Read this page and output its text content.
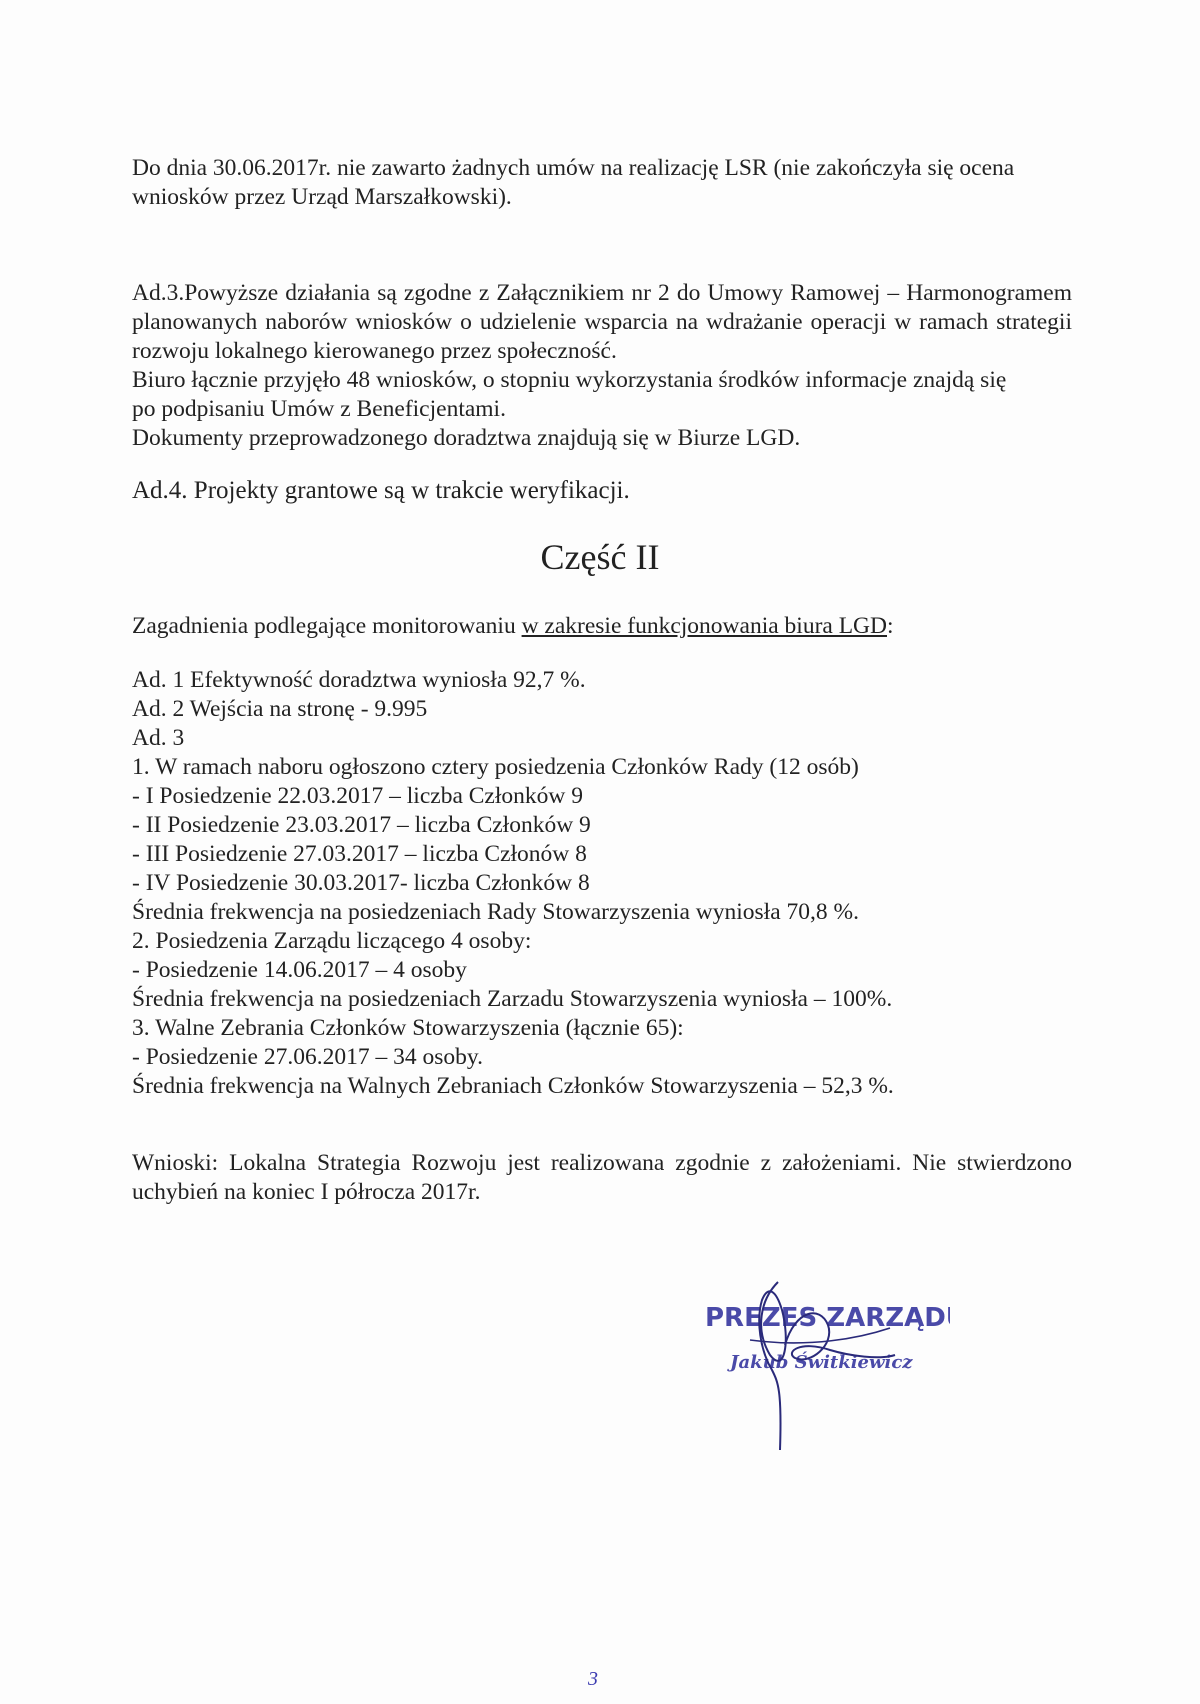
Do dnia 30.06.2017r. nie zawarto żadnych umów na realizację LSR (nie zakończyła się ocena
wniosków przez Urząd Marszałkowski).
Ad.3.Powyższe działania są zgodne z Załącznikiem nr 2 do Umowy Ramowej – Harmonogramem planowanych naborów wniosków o udzielenie wsparcia na wdrażanie operacji w ramach strategii rozwoju lokalnego kierowanego przez społeczność.
Biuro łącznie przyjęło 48 wniosków, o stopniu wykorzystania środków informacje znajdą się
po podpisaniu Umów z Beneficjentami.
Dokumenty przeprowadzonego doradztwa znajdują się w Biurze LGD.
Ad.4. Projekty grantowe są w trakcie weryfikacji.
Część II
Zagadnienia podlegające monitorowaniu w zakresie funkcjonowania biura LGD:
Ad. 1 Efektywność doradztwa wyniosła 92,7 %.
Ad. 2 Wejścia na stronę - 9.995
Ad. 3
1. W ramach naboru ogłoszono cztery posiedzenia Członków Rady (12 osób)
- I Posiedzenie 22.03.2017 – liczba Członków 9
- II Posiedzenie 23.03.2017 – liczba Członków 9
- III Posiedzenie 27.03.2017 – liczba Członów 8
- IV Posiedzenie 30.03.2017- liczba Członków 8
Średnia frekwencja na posiedzeniach Rady Stowarzyszenia wyniosła 70,8 %.
2. Posiedzenia Zarządu liczącego 4 osoby:
- Posiedzenie 14.06.2017 – 4 osoby
Średnia frekwencja na posiedzeniach Zarzadu Stowarzyszenia wyniosła – 100%.
3. Walne Zebrania Członków Stowarzyszenia (łącznie 65):
- Posiedzenie 27.06.2017 – 34 osoby.
Średnia frekwencja na Walnych Zebraniach Członków Stowarzyszenia – 52,3 %.
Wnioski: Lokalna Strategia Rozwoju jest realizowana zgodnie z założeniami. Nie stwierdzono uchybień na koniec I półrocza 2017r.
PREZES ZARZĄDU
Jakub Świtkiewicz
3
